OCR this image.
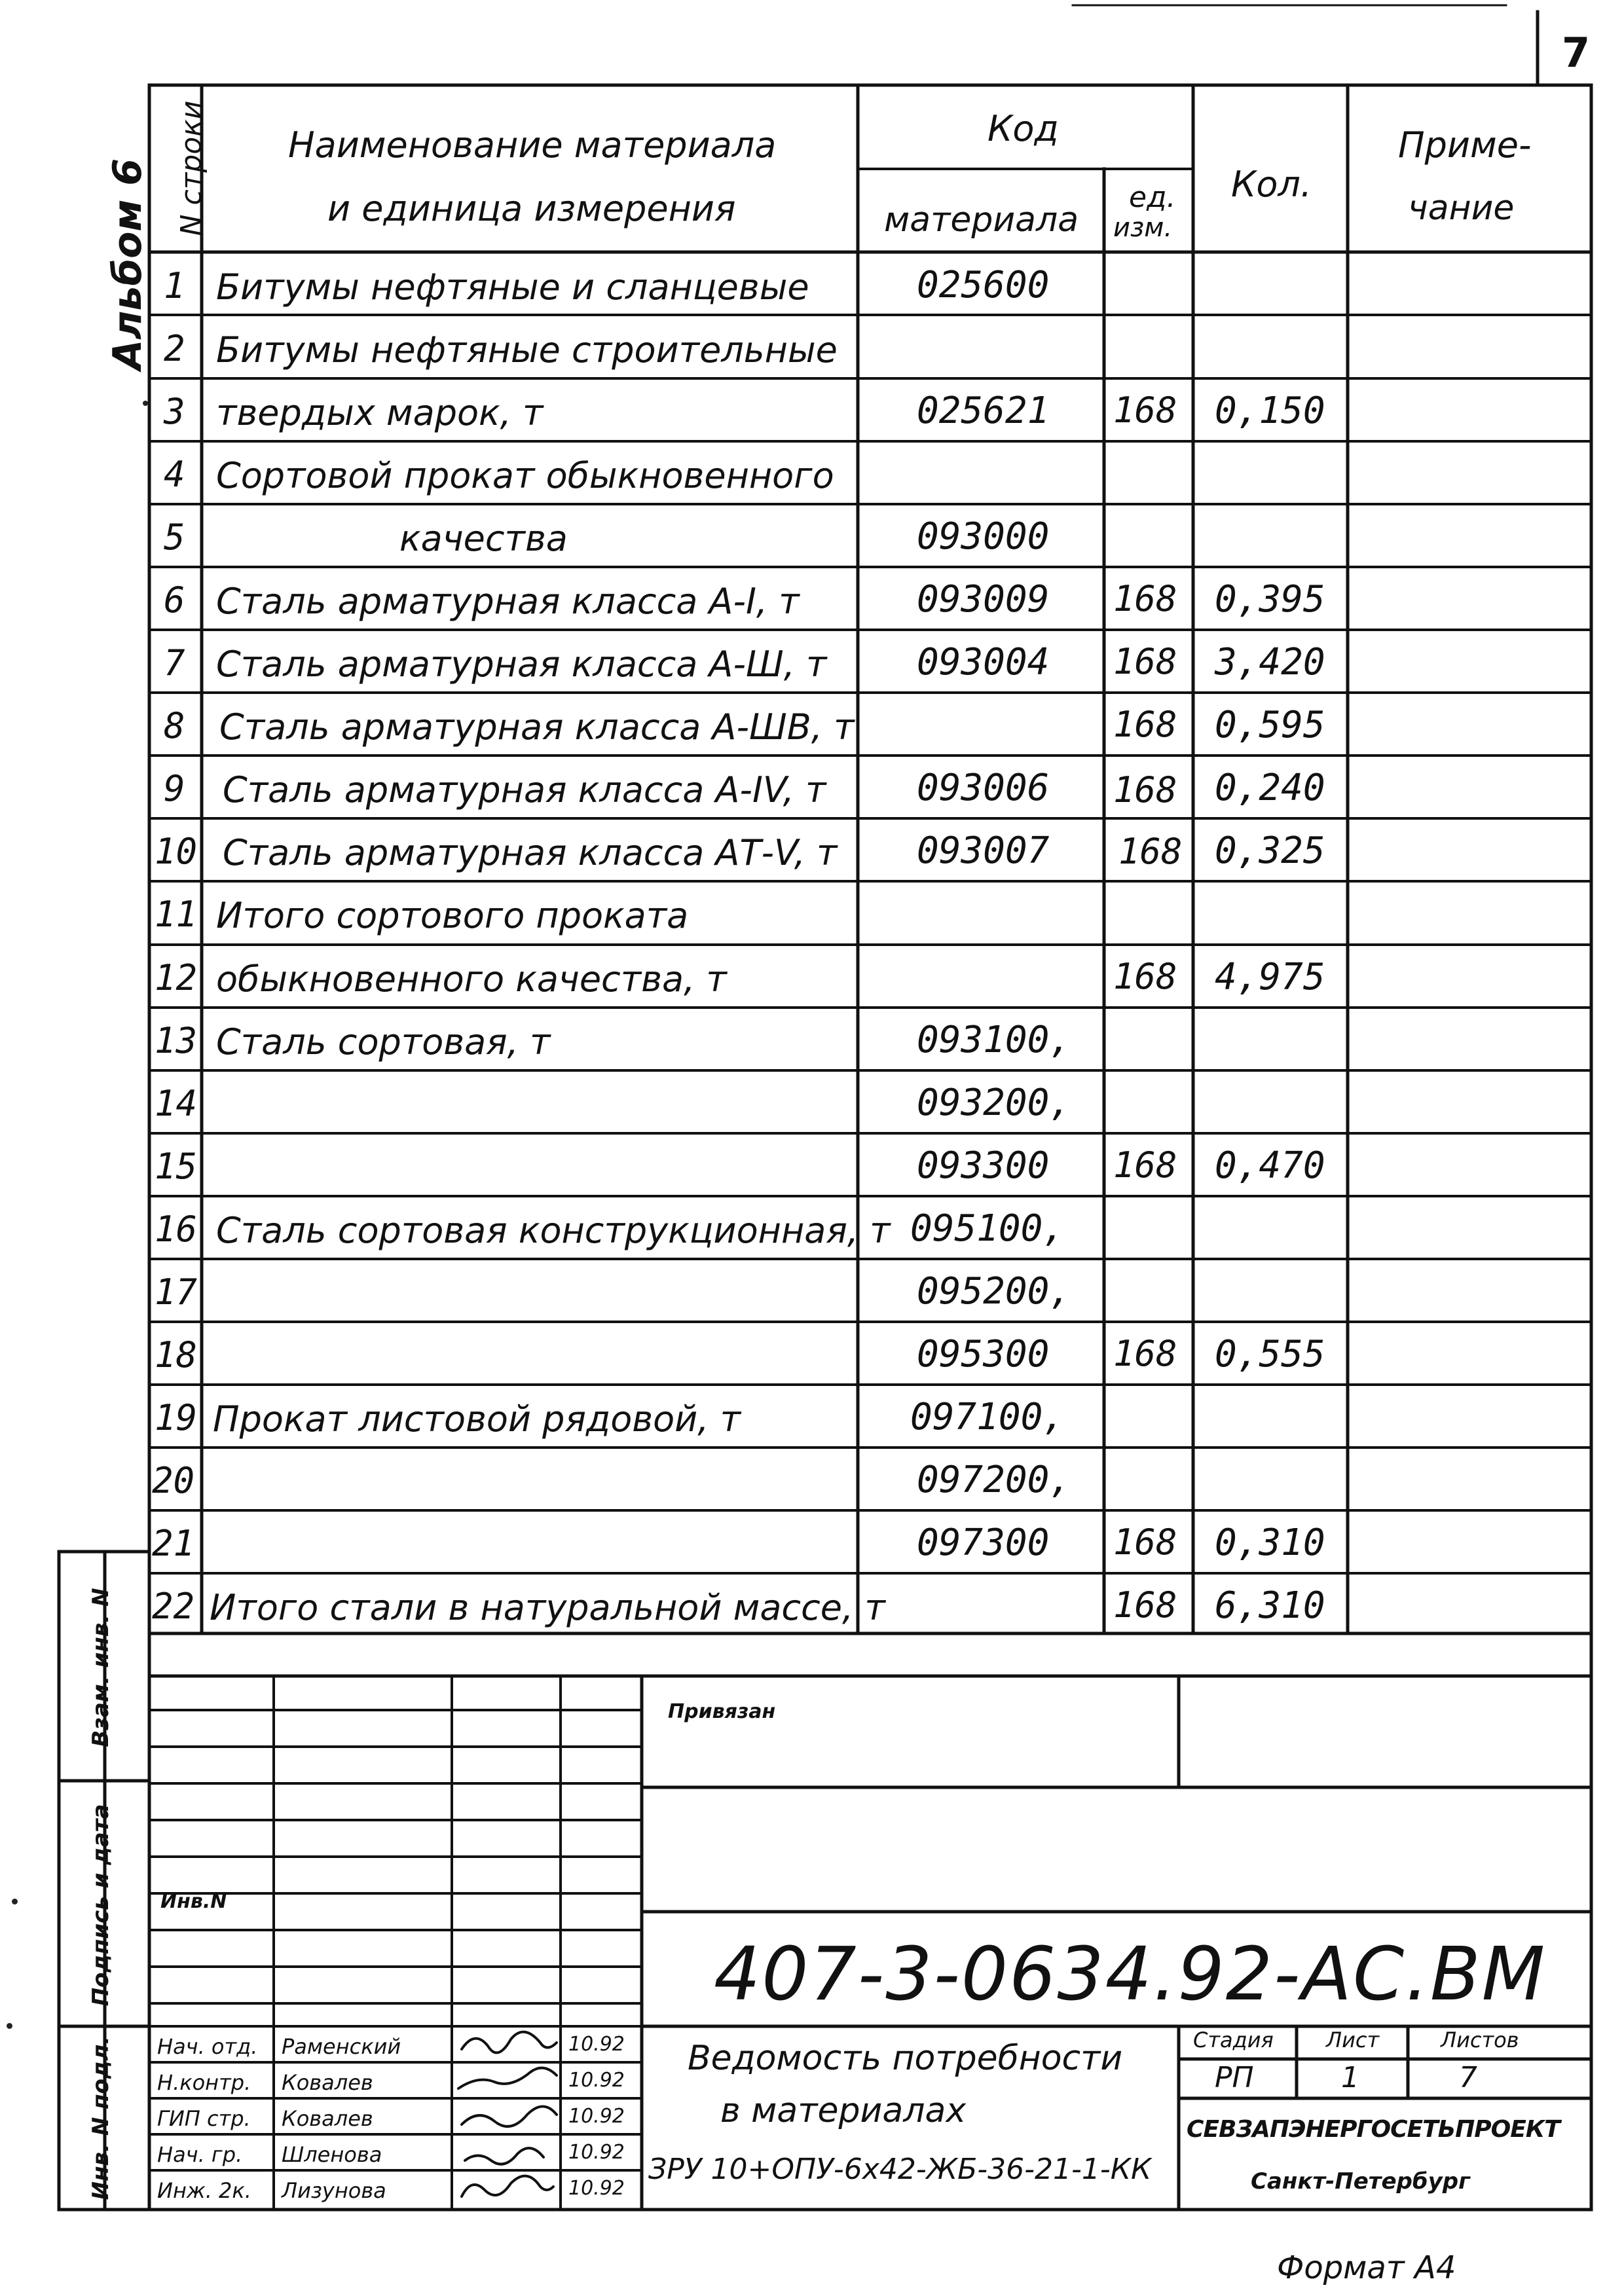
7
Альбом 6 N строки Наименование материала
и единица измерения
Код
материала
ед.
изм.
Кол.
Приме-
чание
1 Битумы нефтяные и сланцевые	025600
2 Битумы нефтяные строительные
3 твердых марок, т	025621 168 0,150
4 Сортовой прокат обыкновенного
5	качества	093000
6 Сталь арматурная класса А-I, т	093009 168 0,395
7 Сталь арматурная класса А-Ш, т 093004 168 3,420
8 Сталь арматурная класса А-ШВ, т	168 0,595
9 Сталь арматурная класса А-IV, т 093006 168 0,240
10 Сталь арматурная класса АТ-V, т 093007 168 0,325
11 Итого сортового проката
12 обыкновенного качества, т	168 4,975
13 Сталь сортовая, т	093100,
14	093200,
15	093300 168 0,470
16 Сталь сортовая конструкционная, т 095100,
17	095200,
18	095300 168 0,555
19 Прокат листовой рядовой, т	097100,
20	097200,
21	097300 168 0,310
22 Итого стали в натуральной массе, т	168 6,310
Взам. инв. N
Подпись и дата
Инв. N подл.
Привязан
Инв.N
407-3-0634.92-АС.ВМ
Нач. отд. Раменский	10.92
Н.контр. Ковалев	10.92
ГИП стр. Ковалев	10.92
Нач. гр. Шленова	10.92
Инж. 2к. Лизунова	10.92
Ведомость потребности
в материалах
ЗРУ 10+ОПУ-6х42-ЖБ-36-21-1-КК
Стадия	Лист	Листов
РП	1	7
СЕВЗАПЭНЕРГОСЕТЬПРОЕКТ
Санкт-Петербург
Формат А4
